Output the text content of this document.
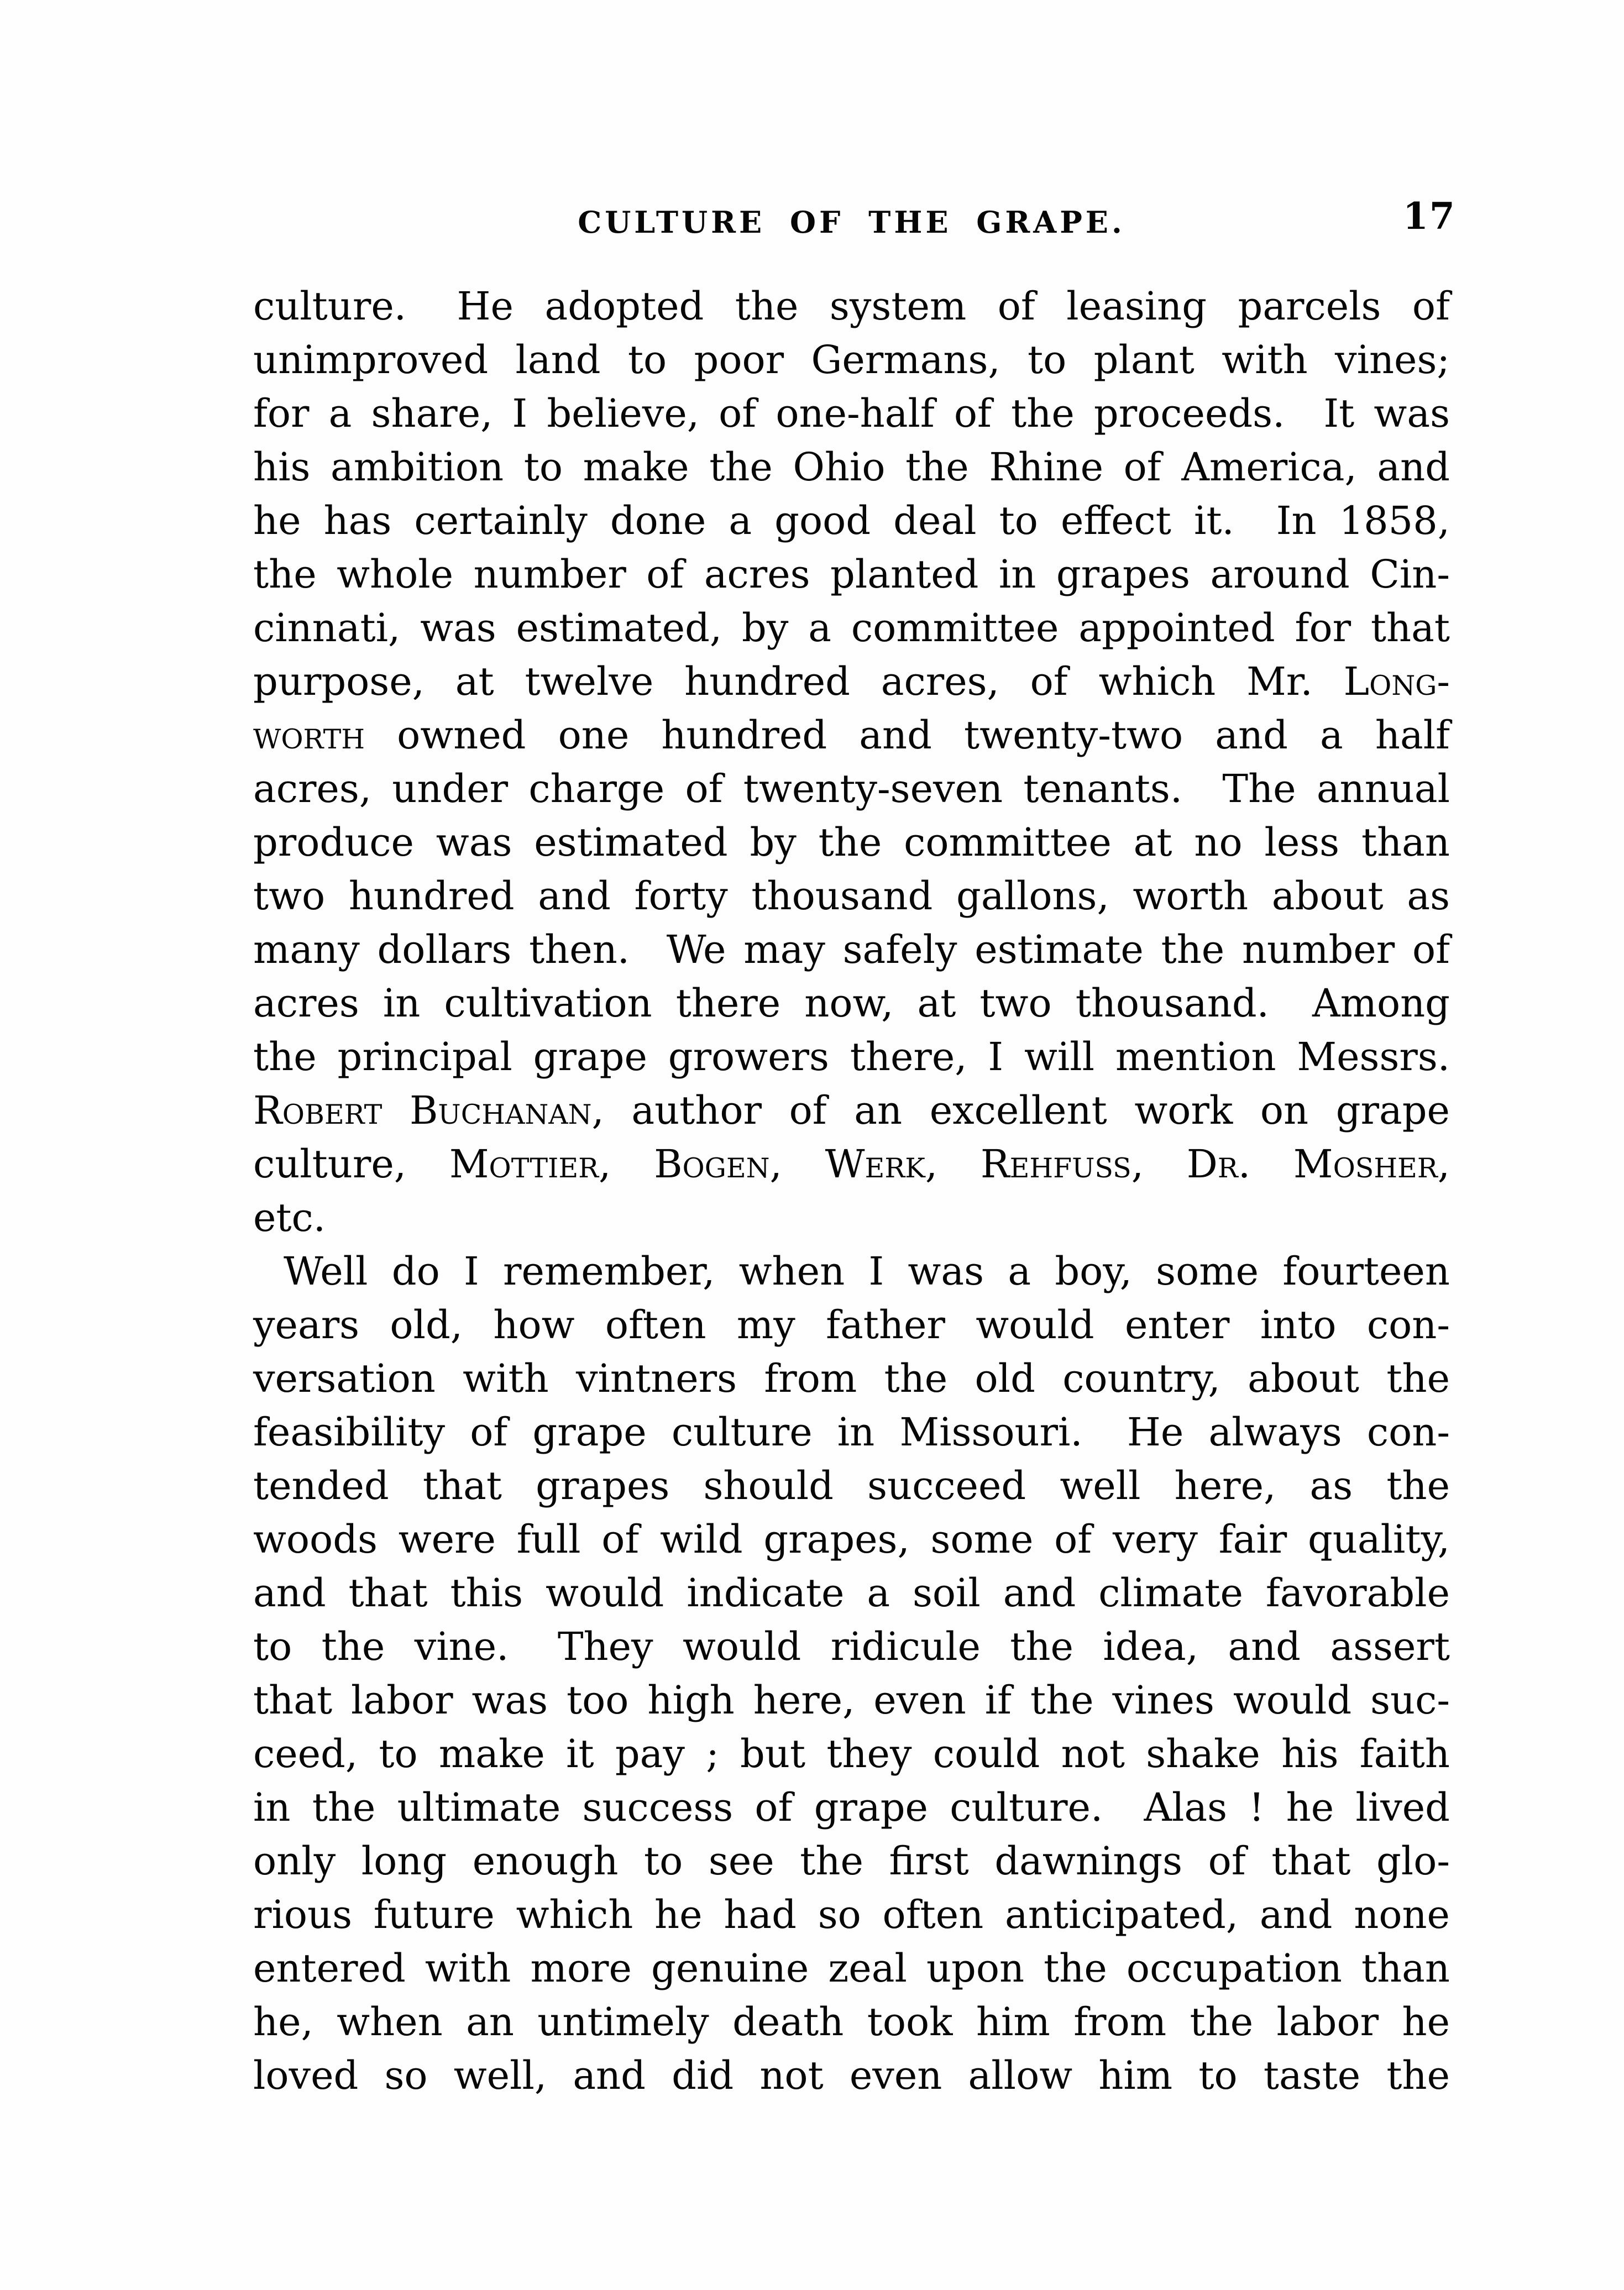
CULTURE OF THE GRAPE.	17
culture.  He adopted the system of leasing parcels of
unimproved land to poor Germans, to plant with vines;
for a share, I believe, of one-half of the proceeds.  It was
his ambition to make the Ohio the Rhine of America, and
he has certainly done a good deal to effect it.  In 1858,
the whole number of acres planted in grapes around Cin-
cinnati, was estimated, by a committee appointed for that
purpose, at twelve hundred acres, of which Mr. Long-
worth owned one hundred and twenty-two and a half
acres, under charge of twenty-seven tenants.  The annual
produce was estimated by the committee at no less than
two hundred and forty thousand gallons, worth about as
many dollars then.  We may safely estimate the number of
acres in cultivation there now, at two thousand.  Among
the principal grape growers there, I will mention Messrs.
Robert Buchanan, author of an excellent work on grape
culture, Mottier, Bogen, Werk, Rehfuss, Dr. Mosher,
etc.
Well do I remember, when I was a boy, some fourteen
years old, how often my father would enter into con-
versation with vintners from the old country, about the
feasibility of grape culture in Missouri.  He always con-
tended that grapes should succeed well here, as the
woods were full of wild grapes, some of very fair quality,
and that this would indicate a soil and climate favorable
to the vine.  They would ridicule the idea, and assert
that labor was too high here, even if the vines would suc-
ceed, to make it pay ; but they could not shake his faith
in the ultimate success of grape culture.  Alas ! he lived
only long enough to see the first dawnings of that glo-
rious future which he had so often anticipated, and none
entered with more genuine zeal upon the occupation than
he, when an untimely death took him from the labor he
loved so well, and did not even allow him to taste the
